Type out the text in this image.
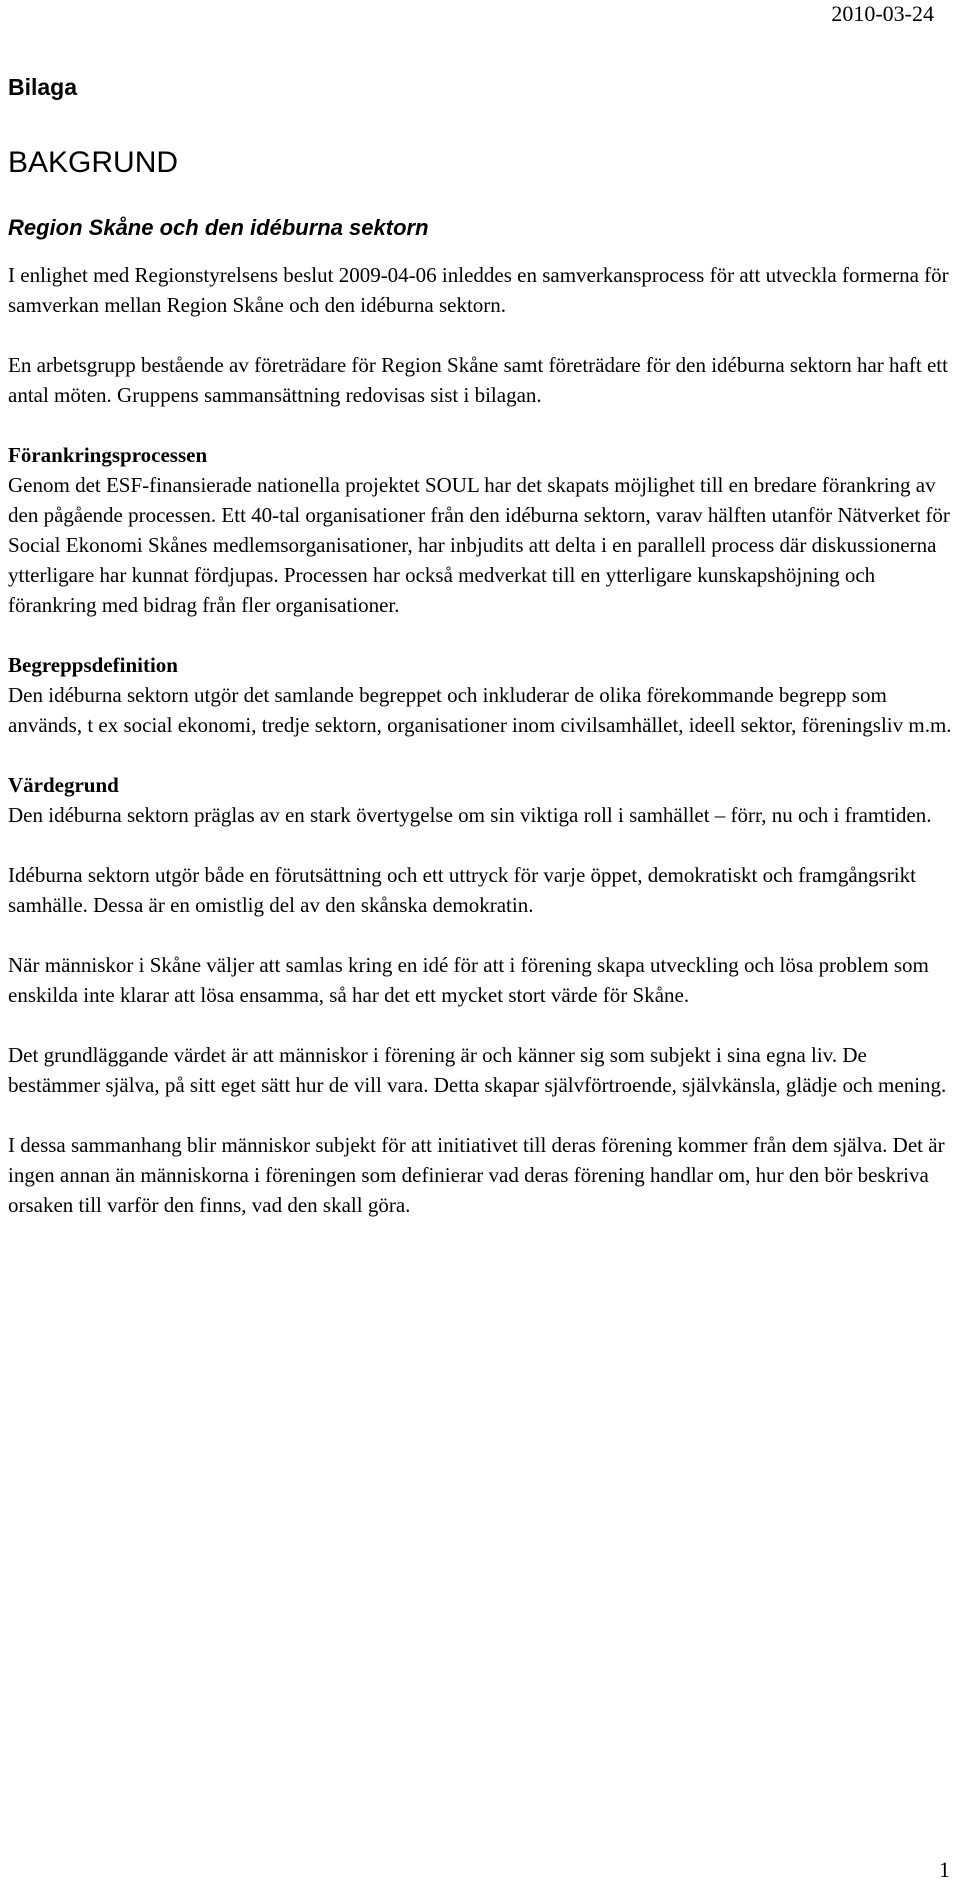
2010-03-24
Bilaga
BAKGRUND
Region Skåne och den idéburna sektorn

I enlighet med Regionstyrelsens beslut 2009-04-06 inleddes en samverkansprocess för att utveckla formerna för samverkan mellan Region Skåne och den idéburna sektorn.

En arbetsgrupp bestående av företrädare för Region Skåne samt företrädare för den idéburna sektorn har haft ett antal möten. Gruppens sammansättning redovisas sist i bilagan.

Förankringsprocessen

Genom det ESF-finansierade nationella projektet SOUL har det skapats möjlighet till en bredare förankring av den pågående processen. Ett 40-tal organisationer från den idéburna sektorn, varav hälften utanför Nätverket för Social Ekonomi Skånes medlemsorganisationer, har inbjudits att delta i en parallell process där diskussionerna ytterligare har kunnat fördjupas. Processen har också medverkat till en ytterligare kunskapshöjning och förankring med bidrag från fler organisationer.

Begreppsdefinition

Den idéburna sektorn utgör det samlande begreppet och inkluderar de olika förekommande begrepp som används, t ex social ekonomi, tredje sektorn, organisationer inom civilsamhället, ideell sektor, föreningsliv m.m.

Värdegrund

Den idéburna sektorn präglas av en stark övertygelse om sin viktiga roll i samhället – förr, nu och i framtiden.

Idéburna sektorn utgör både en förutsättning och ett uttryck för varje öppet, demokratiskt och framgångsrikt samhälle. Dessa är en omistlig del av den skånska demokratin.

När människor i Skåne väljer att samlas kring en idé för att i förening skapa utveckling och lösa problem som enskilda inte klarar att lösa ensamma, så har det ett mycket stort värde för Skåne.

Det grundläggande värdet är att människor i förening är och känner sig som subjekt i sina egna liv. De bestämmer själva, på sitt eget sätt hur de vill vara. Detta skapar självförtroende, självkänsla, glädje och mening.

I dessa sammanhang blir människor subjekt för att initiativet till deras förening kommer från dem själva. Det är ingen annan än människorna i föreningen som definierar vad deras förening handlar om, hur den bör beskriva orsaken till varför den finns, vad den skall göra.

1
